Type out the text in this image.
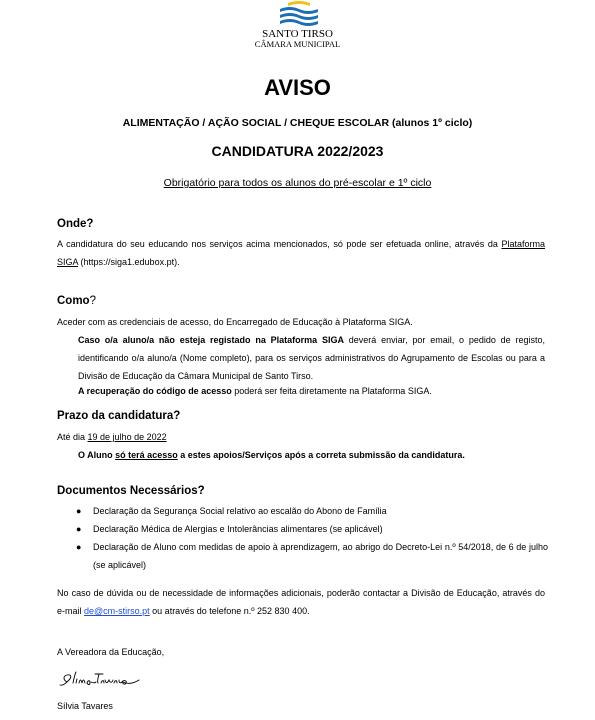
SANTO TIRSO
CÂMARA MUNICIPAL
AVISO
ALIMENTAÇÃO / AÇÃO SOCIAL / CHEQUE ESCOLAR (alunos 1º ciclo)
CANDIDATURA 2022/2023
Obrigatório para todos os alunos do pré-escolar e 1º ciclo
Onde?
A candidatura do seu educando nos serviços acima mencionados, só pode ser efetuada online, através da Plataforma SIGA (https://siga1.edubox.pt).
Como?
Aceder com as credenciais de acesso, do Encarregado de Educação à Plataforma SIGA.
Caso o/a aluno/a não esteja registado na Plataforma SIGA deverá enviar, por email, o pedido de registo, identificando o/a aluno/a (Nome completo), para os serviços administrativos do Agrupamento de Escolas ou para a Divisão de Educação da Câmara Municipal de Santo Tirso.
A recuperação do código de acesso poderá ser feita diretamente na Plataforma SIGA.
Prazo da candidatura?
Até dia 19 de julho de 2022
O Aluno só terá acesso a estes apoios/Serviços após a correta submissão da candidatura.
Documentos Necessários?
● Declaração da Segurança Social relativo ao escalão do Abono de Família
● Declaração Médica de Alergias e Intolerâncias alimentares (se aplicável)
● Declaração de Aluno com medidas de apoio à aprendizagem, ao abrigo do Decreto-Lei n.º 54/2018, de 6 de julho (se aplicável)
No caso de dúvida ou de necessidade de informações adicionais, poderão contactar a Divisão de Educação, através do e-mail de@cm-stirso.pt ou através do telefone n.º 252 830 400.
A Vereadora da Educação,
Sílvia Tavares
